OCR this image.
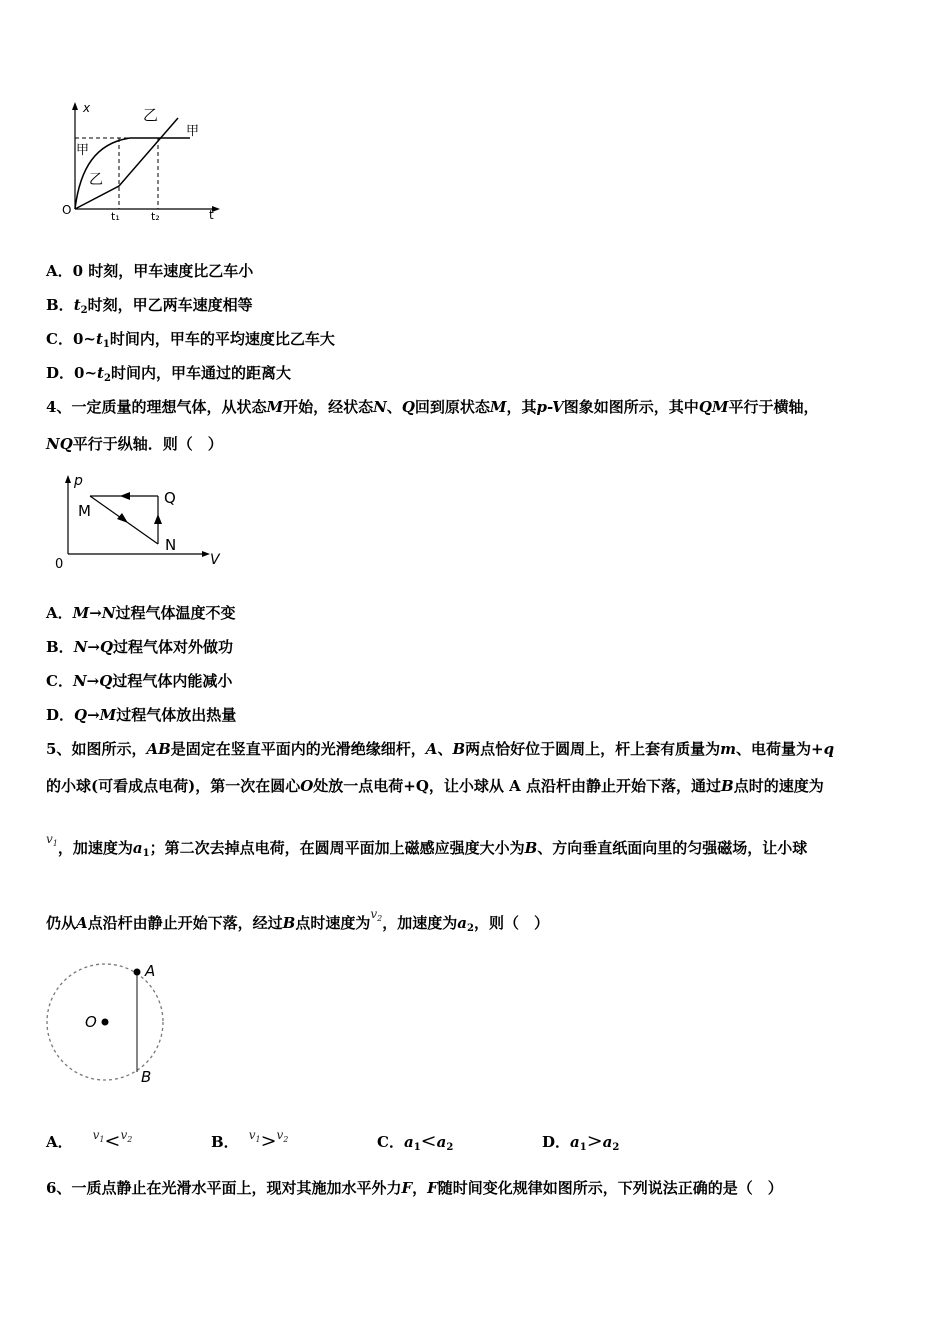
x
t
O	t₁	t₂
甲
甲
乙
乙
A．0 时刻，甲车速度比乙车小
B．$t_2$时刻，甲乙两车速度相等
C．$0\sim t_1$时间内，甲车的平均速度比乙车大
D．$0\sim t_2$时间内，甲车通过的距离大
4、一定质量的理想气体，从状态M开始，经状态N、Q回到原状态M，其p-V图象如图所示，其中QM平行于横轴，
NQ平行于纵轴．则（　）
p
V
0
M
Q
N
A．M→N过程气体温度不变
B．N→Q过程气体对外做功
C．N→Q过程气体内能减小
D．Q→M过程气体放出热量
5、如图所示，AB是固定在竖直平面内的光滑绝缘细杆，A、B两点恰好位于圆周上，杆上套有质量为m、电荷量为+q
的小球(可看成点电荷)，第一次在圆心O处放一点电荷+Q，让小球从 A 点沿杆由静止开始下落，通过B点时的速度为
$^{v_1}$，加速度为$a_1$；第二次去掉点电荷，在圆周平面加上磁感应强度大小为B、方向垂直纸面向里的匀强磁场，让小球
仍从A点沿杆由静止开始下落，经过B点时速度为$^{v_2}$，加速度为$a_2$，则（　）
A
O
B
A． $^{v_1}$<$^{v_2}$	B． $^{v_1}$>$^{v_2}$	C．$a_1<a_2$	D．$a_1>a_2$
6、一质点静止在光滑水平面上，现对其施加水平外力F，F随时间变化规律如图所示，下列说法正确的是（　）
